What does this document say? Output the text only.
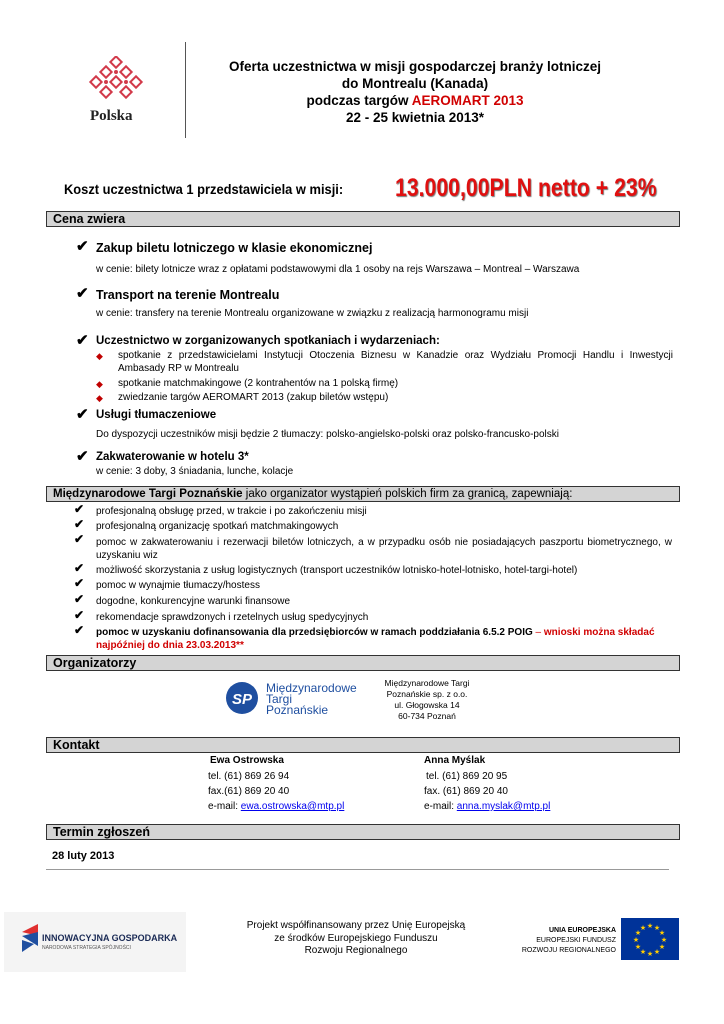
Polska
Oferta uczestnictwa w misji gospodarczej branży lotniczej
do Montrealu (Kanada)
podczas targów AEROMART 2013
22 - 25 kwietnia 2013*
Koszt uczestnictwa 1 przedstawiciela w misji: 13.000,00PLN netto + 23%
Cena zwiera
✔ Zakup biletu lotniczego w klasie ekonomicznej
w cenie: bilety lotnicze wraz z opłatami podstawowymi dla 1 osoby na rejs Warszawa – Montreal – Warszawa
✔ Transport na terenie Montrealu
w cenie: transfery na terenie Montrealu organizowane w związku z realizacją harmonogramu misji
✔ Uczestnictwo w zorganizowanych spotkaniach i wydarzeniach:
◆ spotkanie z przedstawicielami Instytucji Otoczenia Biznesu w Kanadzie oraz Wydziału Promocji Handlu i Inwestycji Ambasady RP w Montrealu
◆ spotkanie matchmakingowe (2 kontrahentów na 1 polską firmę)
◆ zwiedzanie targów AEROMART 2013 (zakup biletów wstępu)
✔ Usługi tłumaczeniowe
Do dyspozycji uczestników misji będzie 2 tłumaczy: polsko-angielsko-polski oraz polsko-francusko-polski
✔ Zakwaterowanie w hotelu 3*
w cenie: 3 doby, 3 śniadania, lunche, kolacje
Międzynarodowe Targi Poznańskie jako organizator wystąpień polskich firm za granicą, zapewniają:
✔ profesjonalną obsługę przed, w trakcie i po zakończeniu misji
✔ profesjonalną organizację spotkań matchmakingowych
✔ pomoc w zakwaterowaniu i rezerwacji biletów lotniczych, a w przypadku osób nie posiadających paszportu biometrycznego, w uzyskaniu wiz
✔ możliwość skorzystania z usług logistycznych (transport uczestników lotnisko-hotel-lotnisko, hotel-targi-hotel)
✔ pomoc w wynajmie tłumaczy/hostess
✔ dogodne, konkurencyjne warunki finansowe
✔ rekomendacje sprawdzonych i rzetelnych usług spedycyjnych
✔ pomoc w uzyskaniu dofinansowania dla przedsiębiorców w ramach poddziałania 6.5.2 POIG – wnioski można składać najpóźniej do dnia 23.03.2013**
Organizatorzy
SP
Międzynarodowe
Targi
Poznańskie
Międzynarodowe Targi
Poznańskie sp. z o.o.
ul. Głogowska 14
60-734 Poznań
Kontakt
Ewa Ostrowska
tel. (61) 869 26 94
fax.(61) 869 20 40
e-mail: ewa.ostrowska@mtp.pl
Anna Myślak
tel. (61) 869 20 95
fax. (61) 869 20 40
e-mail: anna.myslak@mtp.pl
Termin zgłoszeń
28 luty 2013
INNOWACYJNA GOSPODARKA
NARODOWA STRATEGIA SPÓJNOŚCI
Projekt współfinansowany przez Unię Europejską
ze środków Europejskiego Funduszu
Rozwoju Regionalnego
UNIA EUROPEJSKA
EUROPEJSKI FUNDUSZ
ROZWOJU REGIONALNEGO
★ ★
★
★
★
★
★
★
★
★
★
★
